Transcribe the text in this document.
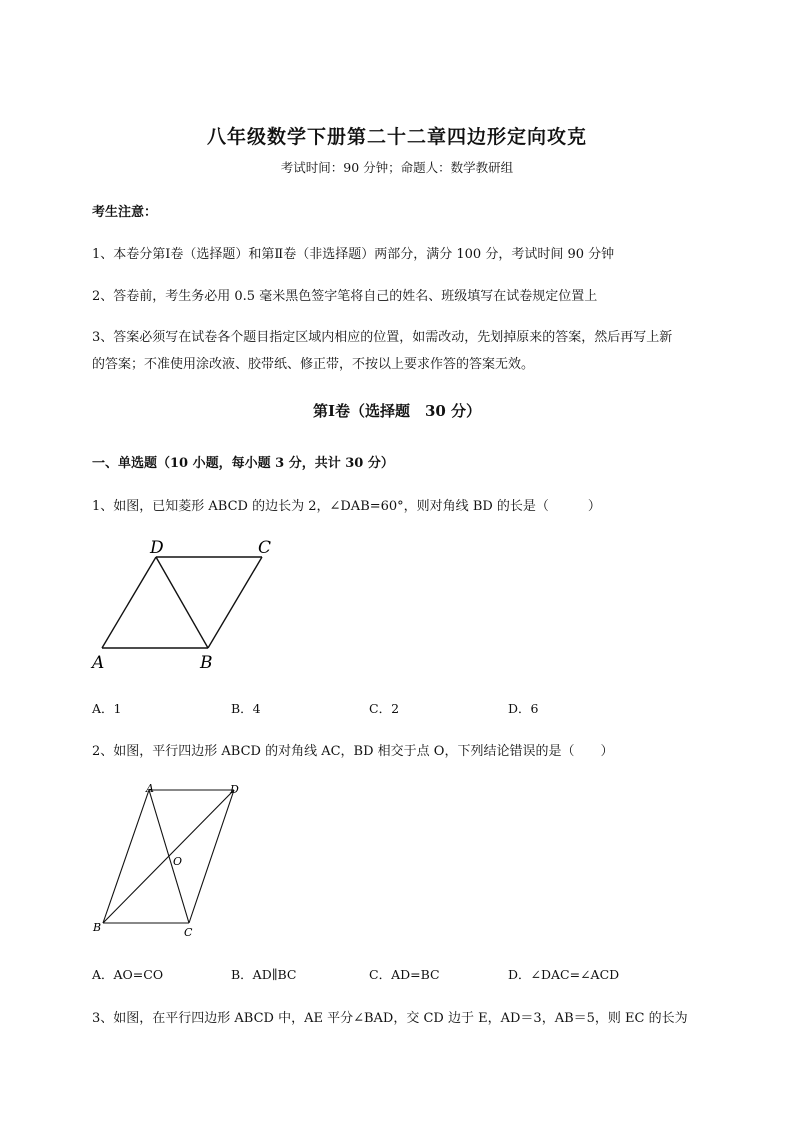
八年级数学下册第二十二章四边形定向攻克
考试时间：90 分钟；命题人：数学教研组
考生注意：
1、本卷分第Ⅰ卷（选择题）和第Ⅱ卷（非选择题）两部分，满分 100 分，考试时间 90 分钟
2、答卷前，考生务必用 0.5 毫米黑色签字笔将自己的姓名、班级填写在试卷规定位置上
3、答案必须写在试卷各个题目指定区域内相应的位置，如需改动，先划掉原来的答案，然后再写上新
的答案；不准使用涂改液、胶带纸、修正带，不按以上要求作答的答案无效。
第Ⅰ卷（选择题　30 分）
一、单选题（10 小题，每小题 3 分，共计 30 分）
1、如图，已知菱形 ABCD 的边长为 2，∠DAB=60°，则对角线 BD 的长是（　　　）
D	C
A	B
A．1	B．4	C．2	D．6
2、如图，平行四边形 ABCD 的对角线 AC，BD 相交于点 O，下列结论错误的是（　　）
A	D
O
B	C
A．AO=CO	B．AD∥BC	C．AD=BC	D．∠DAC=∠ACD
3、如图，在平行四边形 ABCD 中，AE 平分∠BAD，交 CD 边于 E，AD＝3，AB＝5，则 EC 的长为
